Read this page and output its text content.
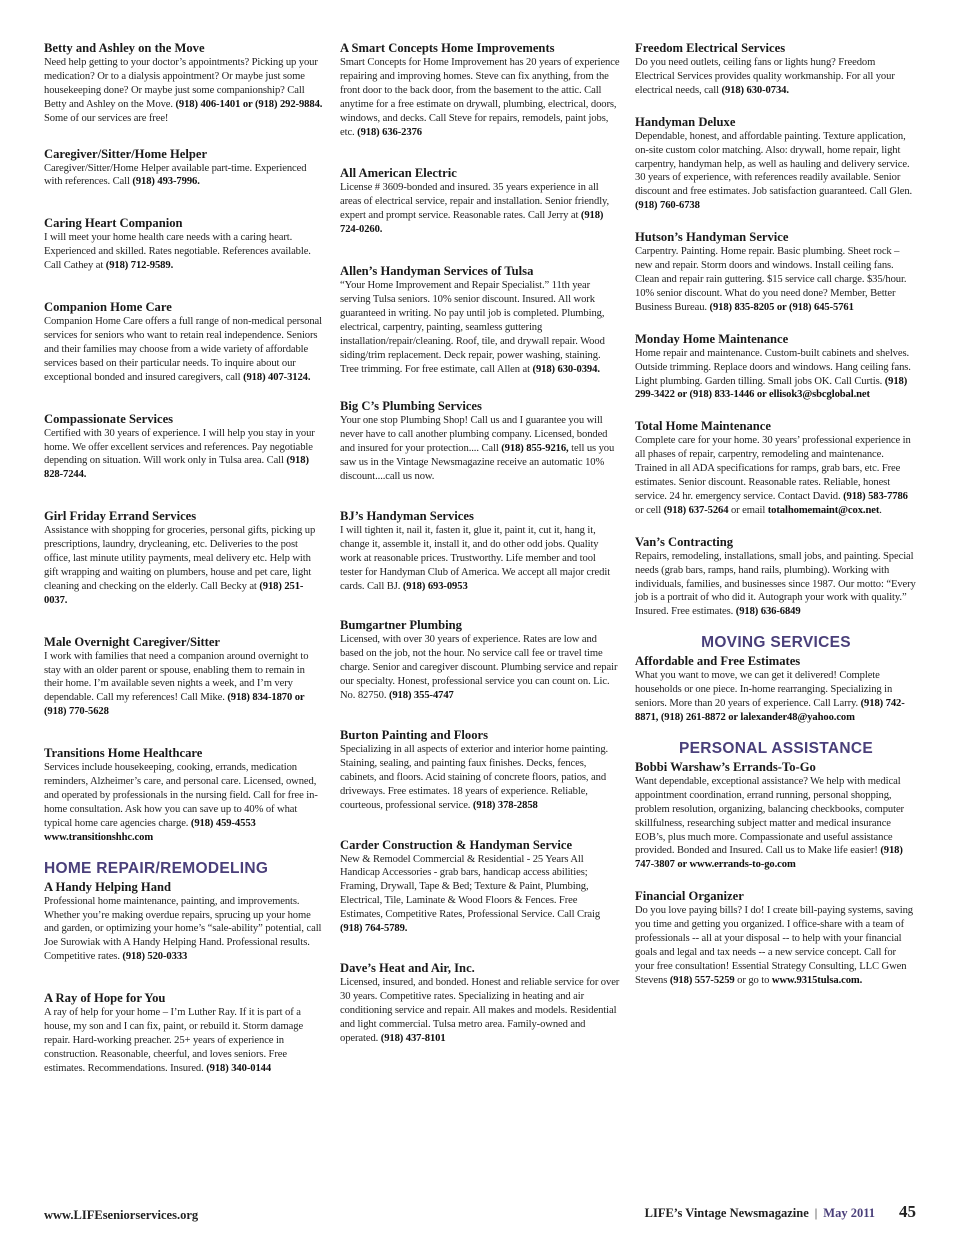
Betty and Ashley on the Move

Need help getting to your doctor’s appointments? Picking up your medication? Or to a dialysis appointment? Or maybe just some housekeeping done? Or maybe just some companionship? Call Betty and Ashley on the Move. (918) 406-1401 or (918) 292-9884. Some of our services are free!

Caregiver/Sitter/Home Helper

Caregiver/Sitter/Home Helper available part-time. Experienced with references. Call (918) 493-7996.

Caring Heart Companion

I will meet your home health care needs with a caring heart. Experienced and skilled. Rates negotiable. References available. Call Cathey at (918) 712-9589.

Companion Home Care

Companion Home Care offers a full range of non-medical personal services for seniors who want to retain real independence. Seniors and their families may choose from a wide variety of affordable services based on their particular needs. To inquire about our exceptional bonded and insured caregivers, call (918) 407-3124.

Compassionate Services

Certified with 30 years of experience. I will help you stay in your home. We offer excellent services and references. Pay negotiable depending on situation. Will work only in Tulsa area. Call (918) 828-7244.

Girl Friday Errand Services

Assistance with shopping for groceries, personal gifts, picking up prescriptions, laundry, drycleaning, etc. Deliveries to the post office, last minute utility payments, meal delivery etc. Help with gift wrapping and waiting on plumbers, house and pet care, light cleaning and checking on the elderly. Call Becky at (918) 251-0037.

Male Overnight Caregiver/Sitter

I work with families that need a companion around overnight to stay with an older parent or spouse, enabling them to remain in their home. I’m available seven nights a week, and I’m very dependable. Call my references! Call Mike. (918) 834-1870 or (918) 770-5628

Transitions Home Healthcare

Services include housekeeping, cooking, errands, medication reminders, Alzheimer’s care, and personal care. Licensed, owned, and operated by professionals in the nursing field. Call for free in-home consultation. Ask how you can save up to 40% of what typical home care agencies charge. (918) 459-4553 www.transitionshhc.com

HOME REPAIR/REMODELING
A Handy Helping Hand

Professional home maintenance, painting, and improvements. Whether you’re making overdue repairs, sprucing up your home and garden, or optimizing your home’s “sale-ability” potential, call Joe Surowiak with A Handy Helping Hand. Professional results. Competitive rates. (918) 520-0333

A Ray of Hope for You

A ray of help for your home – I’m Luther Ray. If it is part of a house, my son and I can fix, paint, or rebuild it. Storm damage repair. Hard-working preacher. 25+ years of experience in construction. Reasonable, cheerful, and loves seniors. Free estimates. Recommendations. Insured. (918) 340-0144

A Smart Concepts Home Improvements

Smart Concepts for Home Improvement has 20 years of experience repairing and improving homes. Steve can fix anything, from the front door to the back door, from the basement to the attic. Call anytime for a free estimate on drywall, plumbing, electrical, doors, windows, and decks. Call Steve for repairs, remodels, paint jobs, etc. (918) 636-2376

All American Electric

License # 3609-bonded and insured. 35 years experience in all areas of electrical service, repair and installation. Senior friendly, expert and prompt service. Reasonable rates. Call Jerry at (918) 724-0260.

Allen’s Handyman Services of Tulsa

“Your Home Improvement and Repair Specialist.” 11th year serving Tulsa seniors. 10% senior discount. Insured. All work guaranteed in writing. No pay until job is completed. Plumbing, electrical, carpentry, painting, seamless guttering installation/repair/cleaning. Roof, tile, and drywall repair. Wood siding/trim replacement. Deck repair, power washing, staining. Tree trimming. For free estimate, call Allen at (918) 630-0394.

Big C’s Plumbing Services

Your one stop Plumbing Shop! Call us and I guarantee you will never have to call another plumbing company. Licensed, bonded and insured for your protection.... Call (918) 855-9216, tell us you saw us in the Vintage Newsmagazine receive an automatic 10% discount....call us now.

BJ’s Handyman Services

I will tighten it, nail it, fasten it, glue it, paint it, cut it, hang it, change it, assemble it, install it, and do other odd jobs. Quality work at reasonable prices. Trustworthy. Life member and tool tester for Handyman Club of America. We accept all major credit cards. Call BJ. (918) 693-0953

Bumgartner Plumbing

Licensed, with over 30 years of experience. Rates are low and based on the job, not the hour. No service call fee or travel time charge. Senior and caregiver discount. Plumbing service and repair our specialty. Honest, professional service you can count on. Lic. No. 82750. (918) 355-4747

Burton Painting and Floors

Specializing in all aspects of exterior and interior home painting. Staining, sealing, and painting faux finishes. Decks, fences, cabinets, and floors. Acid staining of concrete floors, patios, and driveways. Free estimates. 18 years of experience. Reliable, courteous, professional service. (918) 378-2858

Carder Construction & Handyman Service

New & Remodel Commercial & Residential - 25 Years All Handicap Accessories - grab bars, handicap access abilities; Framing, Drywall, Tape & Bed; Texture & Paint, Plumbing, Electrical, Tile, Laminate & Wood Floors & Fences. Free Estimates, Competitive Rates, Professional Service. Call Craig (918) 764-5789.

Dave’s Heat and Air, Inc.

Licensed, insured, and bonded. Honest and reliable service for over 30 years. Competitive rates. Specializing in heating and air conditioning service and repair. All makes and models. Residential and light commercial. Tulsa metro area. Family-owned and operated. (918) 437-8101

Freedom Electrical Services

Do you need outlets, ceiling fans or lights hung? Freedom Electrical Services provides quality workmanship. For all your electrical needs, call (918) 630-0734.

Handyman Deluxe

Dependable, honest, and affordable painting. Texture application, on-site custom color matching. Also: drywall, home repair, light carpentry, handyman help, as well as hauling and delivery service. 30 years of experience, with references readily available. Senior discount and free estimates. Job satisfaction guaranteed. Call Glen. (918) 760-6738

Hutson’s Handyman Service

Carpentry. Painting. Home repair. Basic plumbing. Sheet rock – new and repair. Storm doors and windows. Install ceiling fans. Clean and repair rain guttering. $15 service call charge. $35/hour. 10% senior discount. What do you need done? Member, Better Business Bureau. (918) 835-8205 or (918) 645-5761

Monday Home Maintenance

Home repair and maintenance. Custom-built cabinets and shelves. Outside trimming. Replace doors and windows. Hang ceiling fans. Light plumbing. Garden tilling. Small jobs OK. Call Curtis. (918) 299-3422 or (918) 833-1446 or ellisok3@sbcglobal.net

Total Home Maintenance

Complete care for your home. 30 years’ professional experience in all phases of repair, carpentry, remodeling and maintenance. Trained in all ADA specifications for ramps, grab bars, etc. Free estimates. Senior discount. Reasonable rates. Reliable, honest service. 24 hr. emergency service. Contact David. (918) 583-7786 or cell (918) 637-5264 or email totalhomemaint@cox.net.

Van’s Contracting

Repairs, remodeling, installations, small jobs, and painting. Special needs (grab bars, ramps, hand rails, plumbing). Working with individuals, families, and businesses since 1987. Our motto: “Every job is a portrait of who did it. Autograph your work with quality.” Insured. Free estimates. (918) 636-6849

MOVING SERVICES
Affordable and Free Estimates

What you want to move, we can get it delivered! Complete households or one piece. In-home rearranging. Specializing in seniors. More than 20 years of experience. Call Larry. (918) 742-8871, (918) 261-8872 or lalexander48@yahoo.com

PERSONAL ASSISTANCE
Bobbi Warshaw’s Errands-To-Go

Want dependable, exceptional assistance? We help with medical appointment coordination, errand running, personal shopping, problem resolution, organizing, balancing checkbooks, computer skillfulness, researching subject matter and medical insurance EOB’s, plus much more. Compassionate and useful assistance provided. Bonded and Insured. Call us to Make life easier! (918) 747-3807 or www.errands-to-go.com

Financial Organizer

Do you love paying bills? I do! I create bill-paying systems, saving you time and getting you organized. I office-share with a team of professionals -- all at your disposal -- to help with your financial goals and legal and tax needs -- a new service concept. Call for your free consultation! Essential Strategy Consulting, LLC Gwen Stevens (918) 557-5259 or go to www.9315tulsa.com.

www.LIFEseniorservices.org	LIFE’s Vintage Newsmagazine | May 2011 45
